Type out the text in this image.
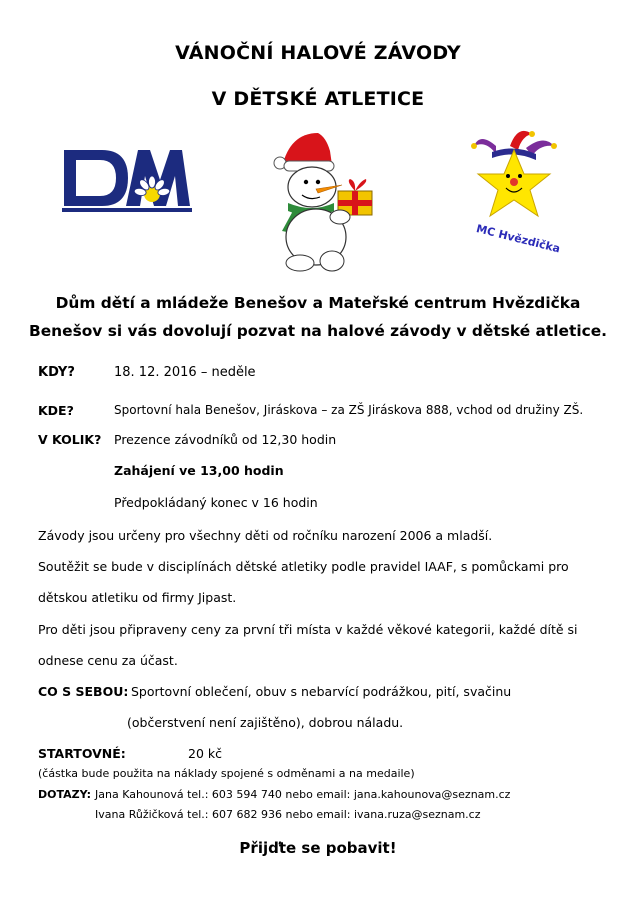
VÁNOČNÍ HALOVÉ ZÁVODY
V DĚTSKÉ ATLETICE
MC Hvězdička
Dům dětí a mládeže Benešov a Mateřské centrum Hvězdička
Benešov si vás dovolují pozvat na halové závody v dětské atletice.
KDY?	18. 12. 2016 – neděle
KDE?	Sportovní hala Benešov, Jiráskova – za ZŠ Jiráskova 888, vchod od družiny ZŠ.
V KOLIK? Prezence závodníků od 12,30 hodin
Zahájení ve 13,00 hodin
Předpokládaný konec v 16 hodin
Závody jsou určeny pro všechny děti od ročníku narození 2006 a mladší.
Soutěžit se bude v disciplínách dětské atletiky podle pravidel IAAF, s pomůckami pro
dětskou atletiku od firmy Jipast.
Pro děti jsou připraveny ceny za první tři místa v každé věkové kategorii, každé dítě si
odnese cenu za účast.
CO S SEBOU: Sportovní oblečení, obuv s nebarvící podrážkou, pití, svačinu
(občerstvení není zajištěno), dobrou náladu.
STARTOVNÉ:	20 kč
(částka bude použita na náklady spojené s odměnami a na medaile)
DOTAZY: Jana Kahounová tel.: 603 594 740 nebo email: jana.kahounova@seznam.cz
Ivana Růžičková tel.: 607 682 936 nebo email: ivana.ruza@seznam.cz
Přijďte se pobavit!
